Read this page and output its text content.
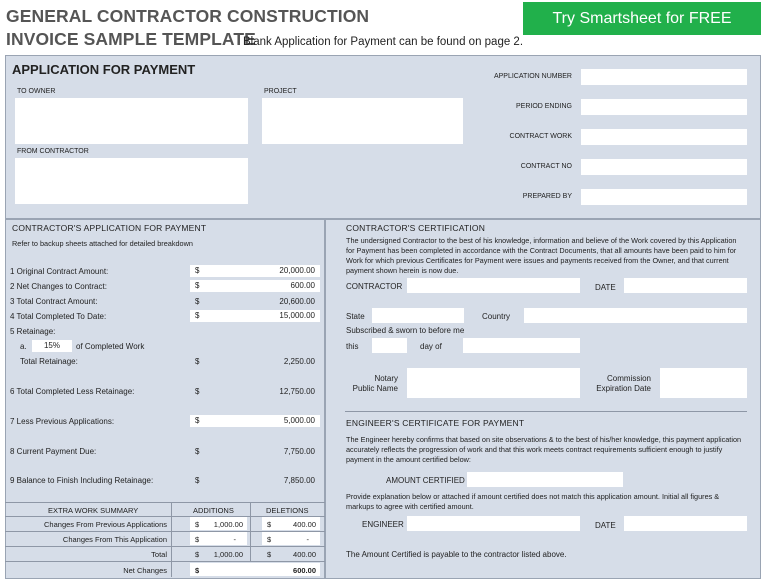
GENERAL CONTRACTOR CONSTRUCTION
INVOICE SAMPLE TEMPLATE
Blank Application for Payment can be found on page 2.
Try Smartsheet for FREE
APPLICATION FOR PAYMENT
TO OWNER	PROJECT
FROM CONTRACTOR
APPLICATION NUMBER
PERIOD ENDING
CONTRACT WORK
CONTRACT NO
PREPARED BY
CONTRACTOR'S APPLICATION FOR PAYMENT
Refer to backup sheets attached for detailed breakdown
1 Original Contract Amount:	$	20,000.00
2 Net Changes to Contract:	$	600.00
3 Total Contract Amount:	$	20,600.00
4 Total Completed To Date:	$	15,000.00
5 Retainage:
a.	15%	of Completed Work
Total Retainage:	$	2,250.00
6 Total Completed Less Retainage:	$	12,750.00
7 Less Previous Applications:	$	5,000.00
8 Current Payment Due:	$	7,750.00
9 Balance to Finish Including Retainage:	$	7,850.00
EXTRA WORK SUMMARY	ADDITIONS	DELETIONS
Changes From Previous Applications	$	1,000.00	$	400.00
Changes From This Application	$	-	$	-
Total	$	1,000.00	$	400.00
Net Changes	$	600.00
CONTRACTOR'S CERTIFICATION
The undersigned Contractor to the best of his knowledge, information and believe of the Work covered by this Application for Payment has been completed in accordance with the Contract Documents, that all amounts have been paid to him for Work for which previous Certificates for Payment were issues and payments received from the Owner, and that current payment shown herein is now due.
CONTRACTOR	DATE
State	Country
Subscribed & sworn to before me
this	day of
Notary
Public Name
Commission
Expiration Date
ENGINEER'S CERTIFICATE FOR PAYMENT
The Engineer hereby confirms that based on site observations & to the best of his/her knowledge, this payment application accurately reflects the progression of work and that this work meets contract requirements sufficient enough to justify payment in the amount certified below:
AMOUNT CERTIFIED
Provide explanation below or attached if amount certified does not match this application amount. Initial all figures & markups to agree with certified amount.
ENGINEER	DATE
The Amount Certified is payable to the contractor listed above.
